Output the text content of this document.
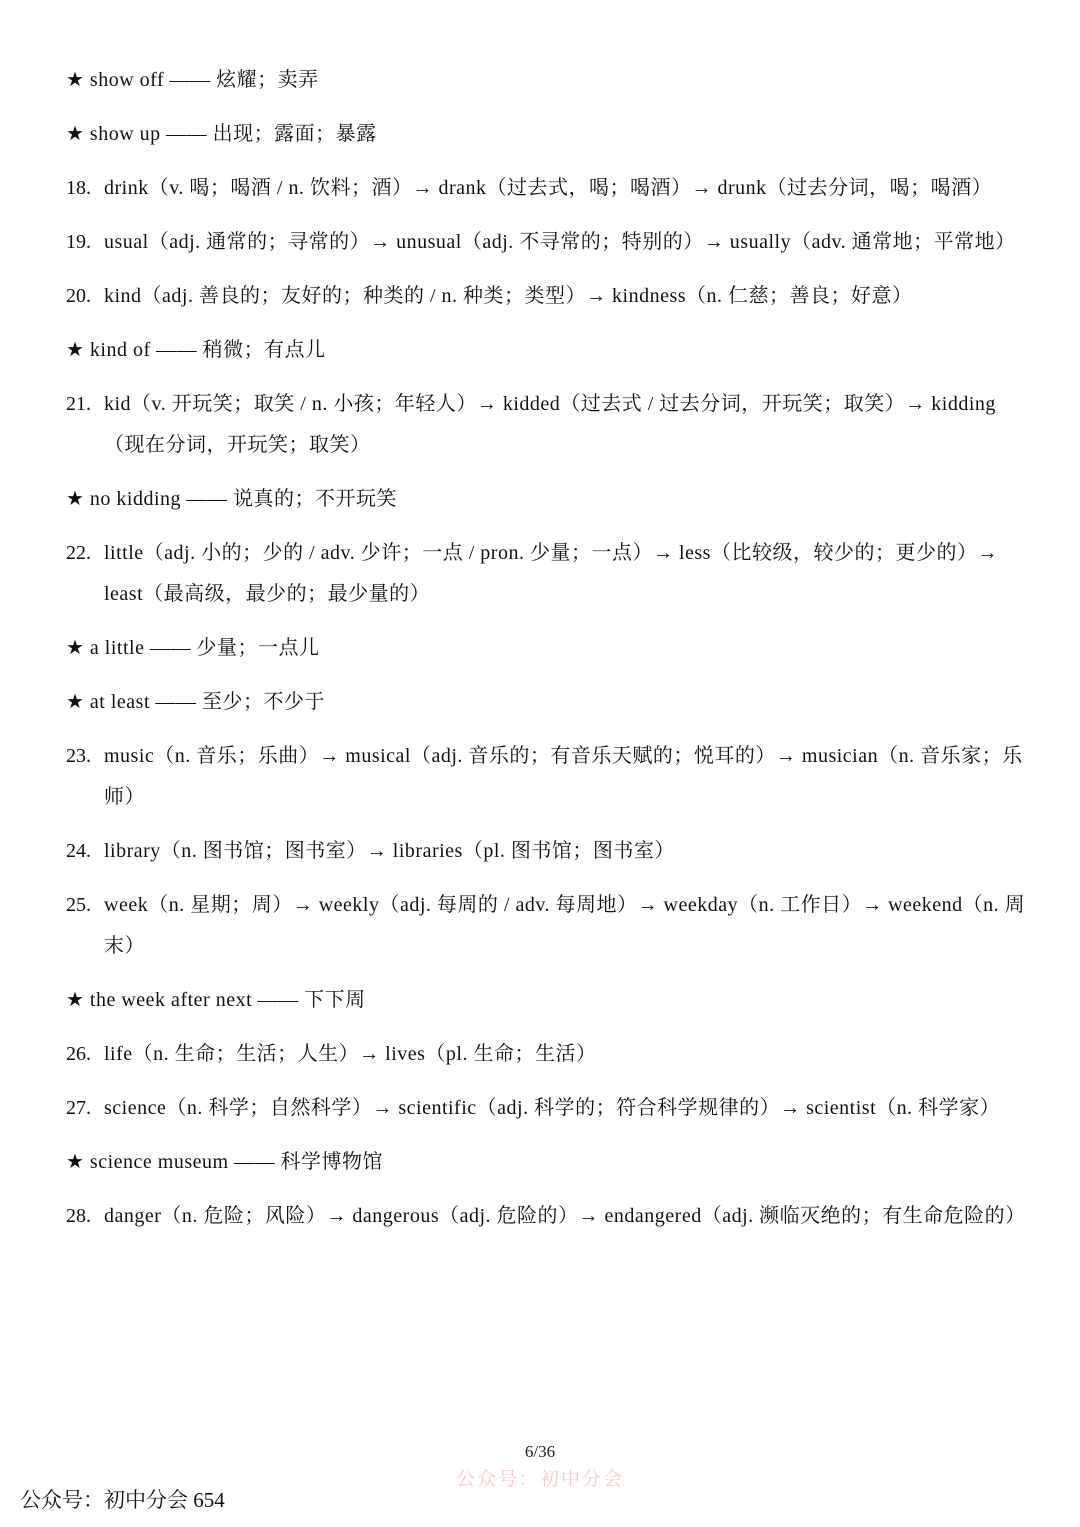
★ show off —— 炫耀；卖弄
★ show up —— 出现；露面；暴露
18. drink（v. 喝；喝酒 / n. 饮料；酒）→ drank（过去式，喝；喝酒）→ drunk（过去分词，喝；喝酒）
19. usual（adj. 通常的；寻常的）→ unusual（adj. 不寻常的；特别的）→ usually（adv. 通常地；平常地）
20. kind（adj. 善良的；友好的；种类的 / n. 种类；类型）→ kindness（n. 仁慈；善良；好意）
★ kind of —— 稍微；有点儿
21. kid（v. 开玩笑；取笑 / n. 小孩；年轻人）→ kidded（过去式 / 过去分词，开玩笑；取笑）→ kidding（现在分词，开玩笑；取笑）
★ no kidding —— 说真的；不开玩笑
22. little（adj. 小的；少的 / adv. 少许；一点 / pron. 少量；一点）→ less（比较级，较少的；更少的）→ least（最高级，最少的；最少量的）
★ a little —— 少量；一点儿
★ at least —— 至少；不少于
23. music（n. 音乐；乐曲）→ musical（adj. 音乐的；有音乐天赋的；悦耳的）→ musician（n. 音乐家；乐师）
24. library（n. 图书馆；图书室）→ libraries（pl. 图书馆；图书室）
25. week（n. 星期；周）→ weekly（adj. 每周的 / adv. 每周地）→ weekday（n. 工作日）→ weekend（n. 周末）
★ the week after next —— 下下周
26. life（n. 生命；生活；人生）→ lives（pl. 生命；生活）
27. science（n. 科学；自然科学）→ scientific（adj. 科学的；符合科学规律的）→ scientist（n. 科学家）
★ science museum —— 科学博物馆
28. danger（n. 危险；风险）→ dangerous（adj. 危险的）→ endangered（adj. 濒临灭绝的；有生命危险的）
6/36
公众号：初中分会
公众号：初中分会 654
